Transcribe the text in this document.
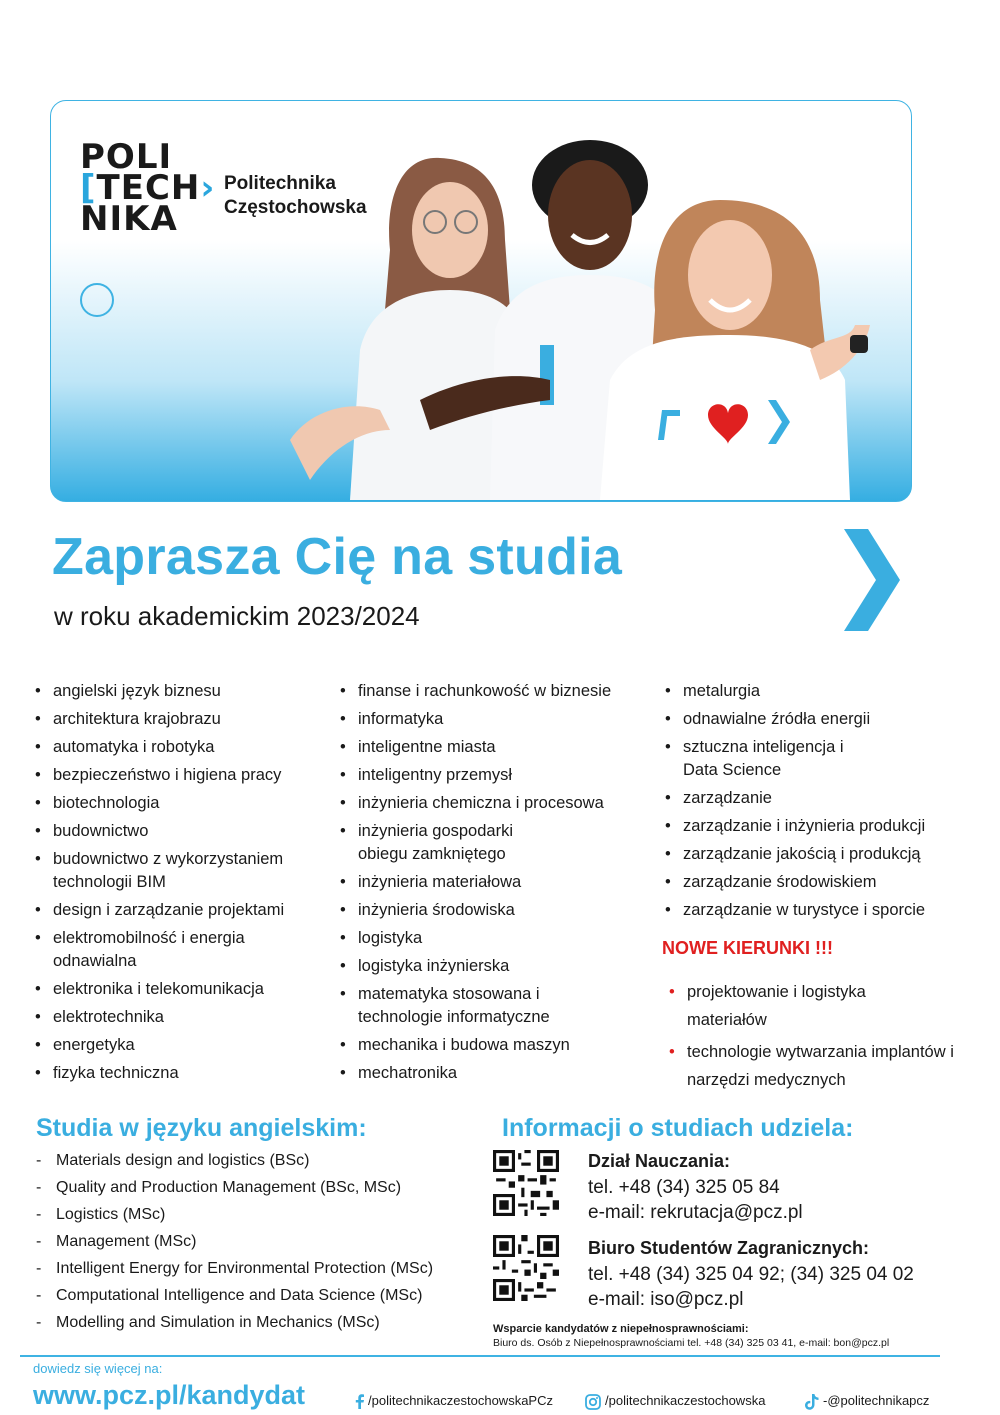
POLI
[TECH›
NIKA
Politechnika
Częstochowska
Zaprasza Cię na studia
w roku akademickim 2023/2024
• angielski język biznesu
• architektura krajobrazu
• automatyka i robotyka
• bezpieczeństwo i higiena pracy
• biotechnologia
• budownictwo
• budownictwo z wykorzystaniem technologii BIM
• design i zarządzanie projektami
• elektromobilność i energia odnawialna
• elektronika i telekomunikacja
• elektrotechnika
• energetyka
• fizyka techniczna
• finanse i rachunkowość w biznesie
• informatyka
• inteligentne miasta
• inteligentny przemysł
• inżynieria chemiczna i procesowa
• inżynieria gospodarki obiegu zamkniętego
• inżynieria materiałowa
• inżynieria środowiska
• logistyka
• logistyka inżynierska
• matematyka stosowana i technologie informatyczne
• mechanika i budowa maszyn
• mechatronika
• metalurgia
• odnawialne źródła energii
• sztuczna inteligencja i Data Science
• zarządzanie
• zarządzanie i inżynieria produkcji
• zarządzanie jakością i produkcją
• zarządzanie środowiskiem
• zarządzanie w turystyce i sporcie
NOWE KIERUNKI !!!
• projektowanie i logistyka materiałów
• technologie wytwarzania implantów i narzędzi medycznych
Studia w języku angielskim:
- Materials design and logistics (BSc)
- Quality and Production Management (BSc, MSc)
- Logistics (MSc)
- Management (MSc)
- Intelligent Energy for Environmental Protection (MSc)
- Computational Intelligence and Data Science (MSc)
- Modelling and Simulation in Mechanics (MSc)
Informacji o studiach udziela:
Dział Nauczania:
tel. +48 (34) 325 05 84
e-mail: rekrutacja@pcz.pl
Biuro Studentów Zagranicznych:
tel. +48 (34) 325 04 92; (34) 325 04 02
e-mail: iso@pcz.pl
Wsparcie kandydatów z niepełnosprawnościami:
Biuro ds. Osób z Niepełnosprawnościami tel. +48 (34) 325 03 41, e-mail: bon@pcz.pl
dowiedz się więcej na:
www.pcz.pl/kandydat	/politechnikaczestochowskaPCz	/politechnikaczestochowska	-@politechnikapcz
